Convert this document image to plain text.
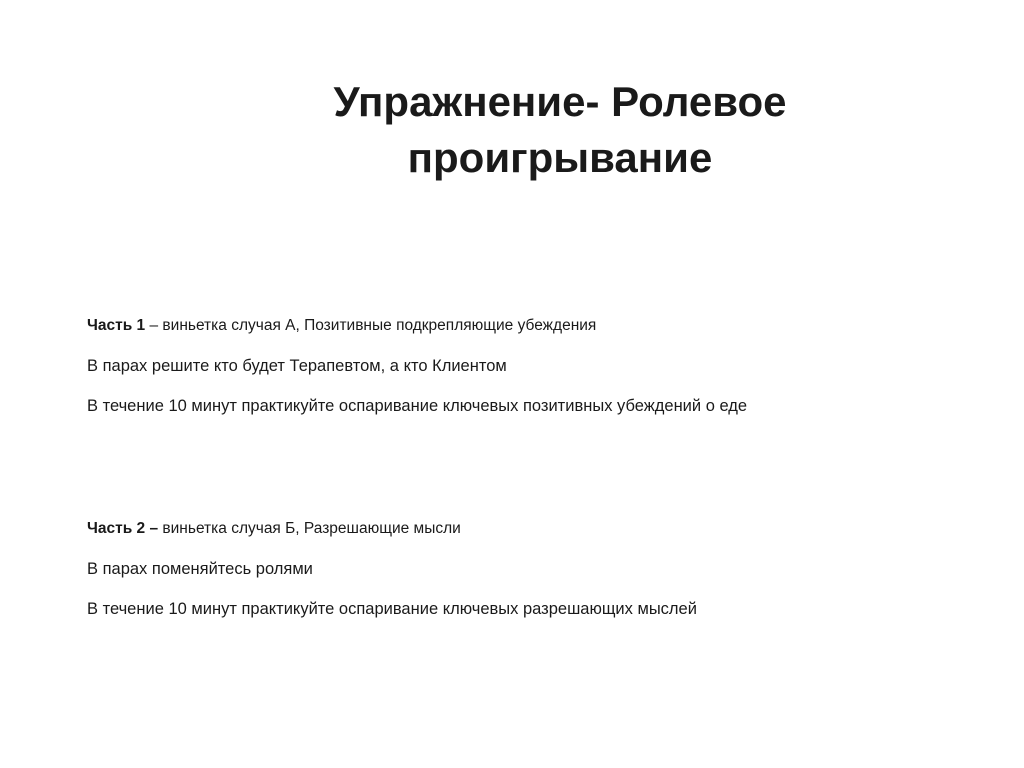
Упражнение- Ролевое
проигрывание

Часть 1 – виньетка случая А, Позитивные подкрепляющие убеждения

В парах решите кто будет Терапевтом, а кто Клиентом

В течение 10 минут практикуйте оспаривание ключевых позитивных убеждений о еде

Часть 2 – виньетка случая Б, Разрешающие мысли

В парах поменяйтесь ролями

В течение 10 минут практикуйте оспаривание ключевых разрешающих мыслей
